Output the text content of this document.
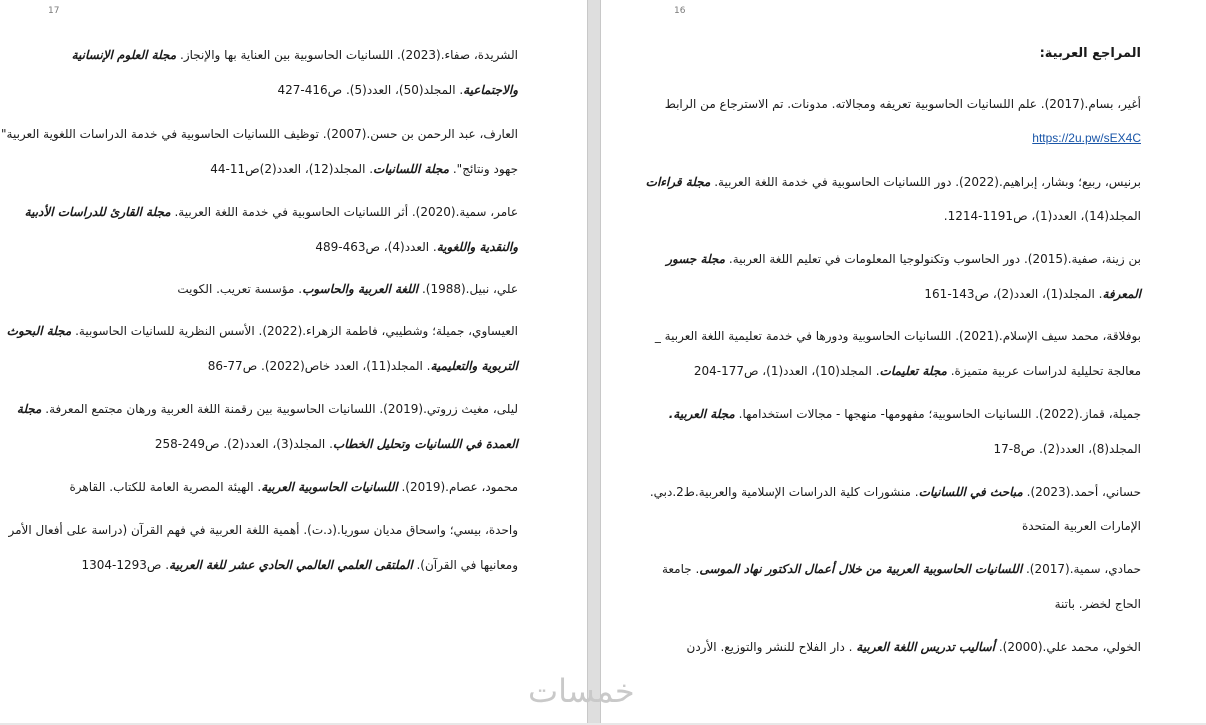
17
الشريدة، صفاء.(2023). اللسانيات الحاسوبية بين العناية بها والإنجاز. مجلة العلوم الإنسانية
والاجتماعية. المجلد(50)، العدد(5). ص416-427
العارف، عبد الرحمن بن حسن.(2007). توظيف اللسانيات الحاسوبية في خدمة الدراسات اللغوية العربية"
جهود ونتائج". مجلة اللسانيات. المجلد(12)، العدد(2)ص11-44
عامر، سمية.(2020). أثر اللسانيات الحاسوبية في خدمة اللغة العربية. مجلة القارئ للدراسات الأدبية
والنقدية واللغوية. العدد(4)، ص463-489
علي، نبيل.(1988). اللغة العربية والحاسوب. مؤسسة تعريب. الكويت
العيساوي، جميلة؛ وشطيبي، فاطمة الزهراء.(2022). الأسس النظرية للسانيات الحاسوبية. مجلة البحوث
التربوية والتعليمية. المجلد(11)، العدد خاص(2022). ص77-86
ليلى، مغيث زروتي.(2019). اللسانيات الحاسوبية بين رقمنة اللغة العربية ورهان مجتمع المعرفة. مجلة
العمدة في اللسانيات وتحليل الخطاب. المجلد(3)، العدد(2). ص249-258
محمود، عصام.(2019). اللسانيات الحاسوبية العربية. الهيئة المصرية العامة للكتاب. القاهرة
واحدة، بيسي؛ واسحاق مديان سوريا.(د.ت). أهمية اللغة العربية في فهم القرآن (دراسة على أفعال الأمر
ومعانيها في القرآن). الملتقى العلمي العالمي الحادي عشر للغة العربية. ص1293-1304
16
المراجع العربية:
أغير، بسام.(2017). علم اللسانيات الحاسوبية تعريفه ومجالاته. مدونات. تم الاسترجاع من الرابط
https://2u.pw/sEX4C
برنيس، ربيع؛ وبشار، إبراهيم.(2022). دور اللسانيات الحاسوبية في خدمة اللغة العربية. مجلة قراءات
المجلد(14)، العدد(1)، ص1191-1214.
بن زينة، صفية.(2015). دور الحاسوب وتكنولوجيا المعلومات في تعليم اللغة العربية. مجلة جسور
المعرفة. المجلد(1)، العدد(2)، ص143-161
بوفلاقة، محمد سيف الإسلام.(2021). اللسانيات الحاسوبية ودورها في خدمة تعليمية اللغة العربية _
معالجة تحليلية لدراسات عربية متميزة. مجلة تعليمات. المجلد(10)، العدد(1)، ص177-204
جميلة، قماز.(2022). اللسانيات الحاسوبية؛ مفهومها- منهجها - مجالات استخدامها. مجلة العربية.
المجلد(8)، العدد(2). ص8-17
حساني، أحمد.(2023). مباحث في اللسانيات. منشورات كلية الدراسات الإسلامية والعربية.ط2.دبي.
الإمارات العربية المتحدة
حمادي، سمية.(2017). اللسانيات الحاسوبية العربية من خلال أعمال الدكتور نهاد الموسى. جامعة
الحاج لخضر. باتنة
الخولي، محمد علي.(2000). أساليب تدريس اللغة العربية . دار الفلاح للنشر والتوزيع. الأردن
خمسات
